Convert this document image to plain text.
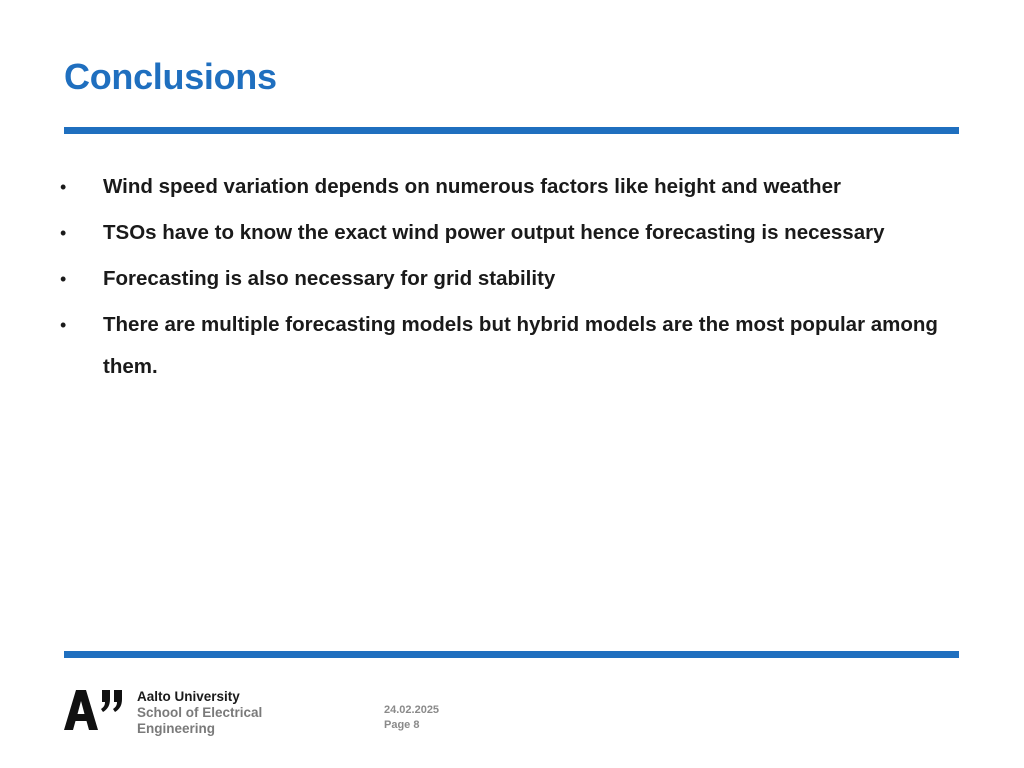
Conclusions
• Wind speed variation depends on numerous factors like height and weather
• TSOs have to know the exact wind power output hence forecasting is necessary
• Forecasting is also necessary for grid stability
• There are multiple forecasting models but hybrid models are the most popular among them.
Aalto University
School of Electrical
Engineering
24.02.2025
Page 8
